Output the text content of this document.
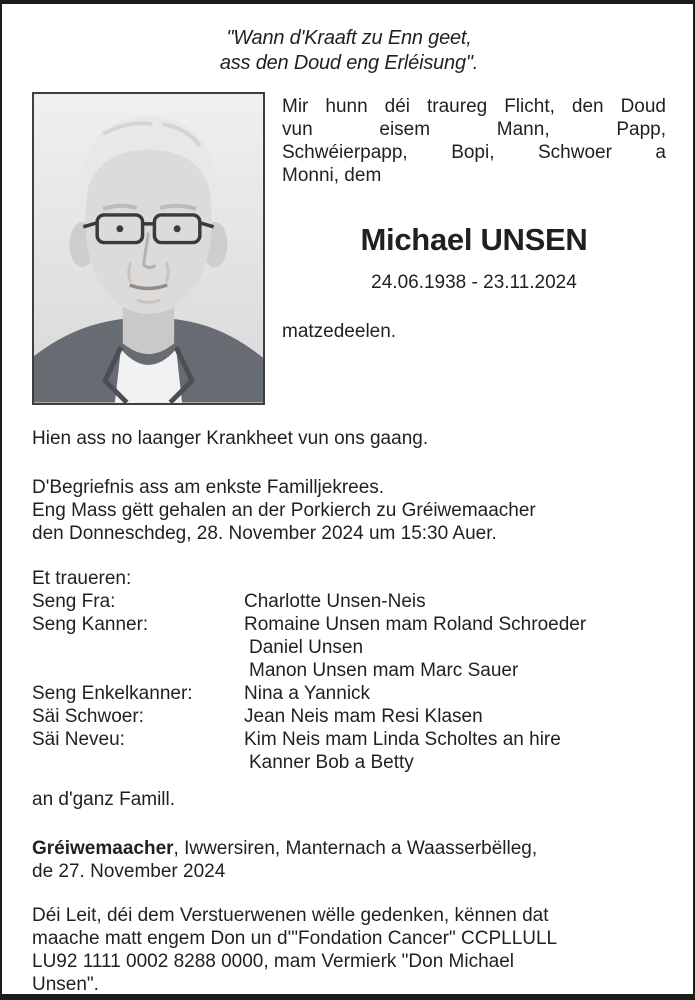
"Wann d'Kraaft zu Enn geet,
ass den Doud eng Erléisung".
Mir hunn déi traureg Flicht, den Doud
vun eisem Mann, Papp,
Schwéierpapp, Bopi, Schwoer a
Monni, dem
Michael UNSEN
24.06.1938 - 23.11.2024
matzedeelen.
Hien ass no laanger Krankheet vun ons gaang.
D'Begriefnis ass am enkste Familljekrees.
Eng Mass gëtt gehalen an der Porkierch zu Gréiwemaacher
den Donneschdeg, 28. November 2024 um 15:30 Auer.
Et traueren:
Seng Fra:	Charlotte Unsen-Neis
Seng Kanner:	Romaine Unsen mam Roland Schroeder
Daniel Unsen
Manon Unsen mam Marc Sauer
Seng Enkelkanner:	Nina a Yannick
Säi Schwoer:	Jean Neis mam Resi Klasen
Säi Neveu:	Kim Neis mam Linda Scholtes an hire
Kanner Bob a Betty
an d'ganz Famill.
Gréiwemaacher, Iwwersiren, Manternach a Waasserbëlleg,
de 27. November 2024
Déi Leit, déi dem Verstuerwenen wëlle gedenken, kënnen dat
maache matt engem Don un d'"Fondation Cancer" CCPLLULL
LU92 1111 0002 8288 0000, mam Vermierk "Don Michael
Unsen".
